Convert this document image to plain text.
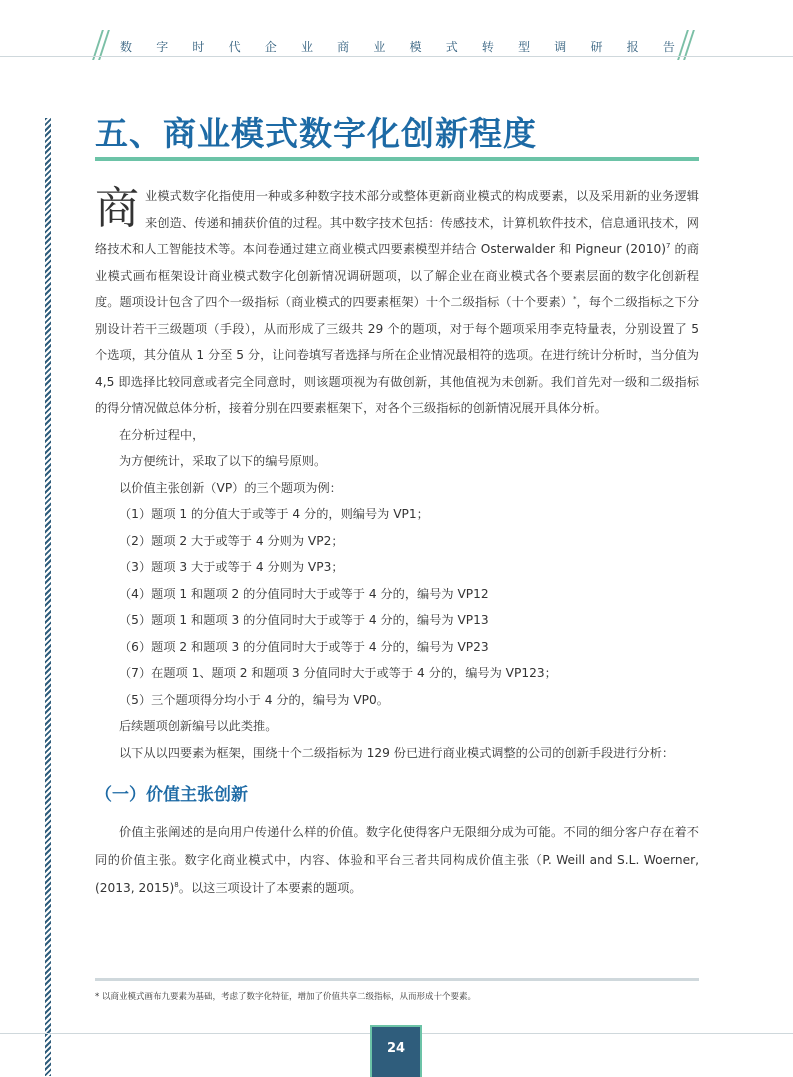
数 字 时 代 企 业 商 业 模 式 转 型 调 研 报 告
五、商业模式数字化创新程度

商业模式数字化指使用一种或多种数字技术部分或整体更新商业模式的构成要素，以及采用新的业务逻辑来创造、传递和捕获价值的过程。其中数字技术包括：传感技术，计算机软件技术，信息通讯技术，网络技术和人工智能技术等。本问卷通过建立商业模式四要素模型并结合 Osterwalder 和 Pigneur $(2010)^7$ 的商业模式画布框架设计商业模式数字化创新情况调研题项，以了解企业在商业模式各个要素层面的数字化创新程度。题项设计包含了四个一级指标（商业模式的四要素框架）十个二级指标（十个要素）*，每个二级指标之下分别设计若干三级题项（手段），从而形成了三级共 29 个的题项，对于每个题项采用李克特量表，分别设置了 5 个选项，其分值从 1 分至 5 分，让问卷填写者选择与所在企业情况最相符的选项。在进行统计分析时，当分值为 4,5 即选择比较同意或者完全同意时，则该题项视为有做创新，其他值视为未创新。我们首先对一级和二级指标的得分情况做总体分析，接着分别在四要素框架下，对各个三级指标的创新情况展开具体分析。

在分析过程中，

为方便统计，采取了以下的编号原则。

以价值主张创新（VP）的三个题项为例：

（1）题项 1 的分值大于或等于 4 分的，则编号为 VP1；

（2）题项 2 大于或等于 4 分则为 VP2；

（3）题项 3 大于或等于 4 分则为 VP3；

（4）题项 1 和题项 2 的分值同时大于或等于 4 分的，编号为 VP12

（5）题项 1 和题项 3 的分值同时大于或等于 4 分的，编号为 VP13

（6）题项 2 和题项 3 的分值同时大于或等于 4 分的，编号为 VP23

（7）在题项 1、题项 2 和题项 3 分值同时大于或等于 4 分的，编号为 VP123；

（5）三个题项得分均小于 4 分的，编号为 VP0。

后续题项创新编号以此类推。

以下从以四要素为框架，围绕十个二级指标为 129 份已进行商业模式调整的公司的创新手段进行分析：

（一）价值主张创新

价值主张阐述的是向用户传递什么样的价值。数字化使得客户无限细分成为可能。不同的细分客户存在着不同的价值主张。数字化商业模式中，内容、体验和平台三者共同构成价值主张（P. Weill and S.L. Woerner, (2013, 2015)$^8$。以这三项设计了本要素的题项。

* 以商业模式画布九要素为基础，考虑了数字化特征，增加了价值共享二级指标，从而形成十个要素。
24
